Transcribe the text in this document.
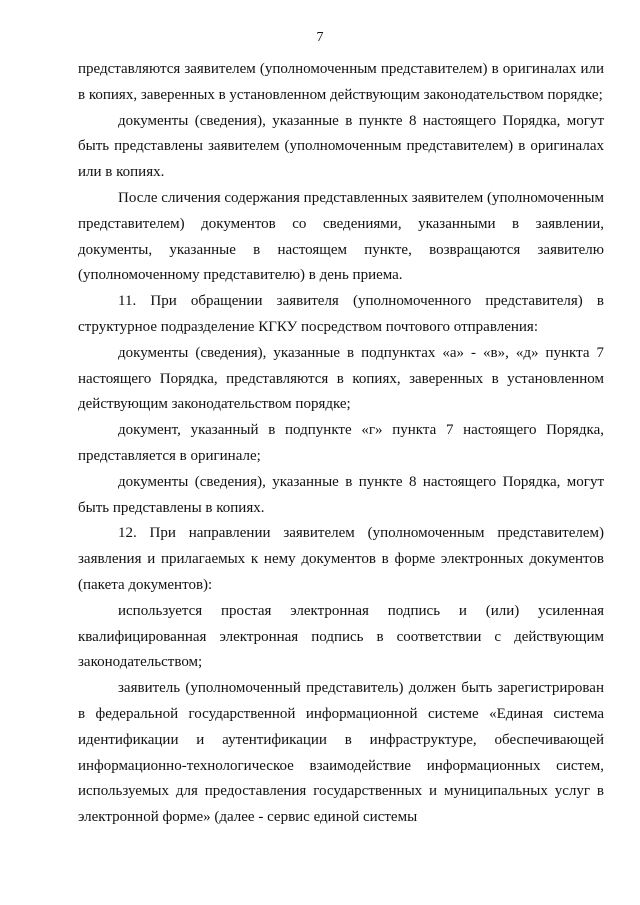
7

представляются заявителем (уполномоченным представителем) в оригиналах или в копиях, заверенных в установленном действующим законодательством порядке;

документы (сведения), указанные в пункте 8 настоящего Порядка, могут быть представлены заявителем (уполномоченным представителем) в оригиналах или в копиях.

После сличения содержания представленных заявителем (уполномоченным представителем) документов со сведениями, указанными в заявлении, документы, указанные в настоящем пункте, возвращаются заявителю (уполномоченному представителю) в день приема.

11. При обращении заявителя (уполномоченного представителя) в структурное подразделение КГКУ посредством почтового отправления:

документы (сведения), указанные в подпунктах «а» - «в», «д» пункта 7 настоящего Порядка, представляются в копиях, заверенных в установленном действующим законодательством порядке;

документ, указанный в подпункте «г» пункта 7 настоящего Порядка, представляется в оригинале;

документы (сведения), указанные в пункте 8 настоящего Порядка, могут быть представлены в копиях.

12. При направлении заявителем (уполномоченным представителем) заявления и прилагаемых к нему документов в форме электронных документов (пакета документов):

используется простая электронная подпись и (или) усиленная квалифицированная электронная подпись в соответствии с действующим законодательством;

заявитель (уполномоченный представитель) должен быть зарегистрирован в федеральной государственной информационной системе «Единая система идентификации и аутентификации в инфраструктуре, обеспечивающей информационно-технологическое взаимодействие информационных систем, используемых для предоставления государственных и муниципальных услуг в электронной форме» (далее - сервис единой системы
